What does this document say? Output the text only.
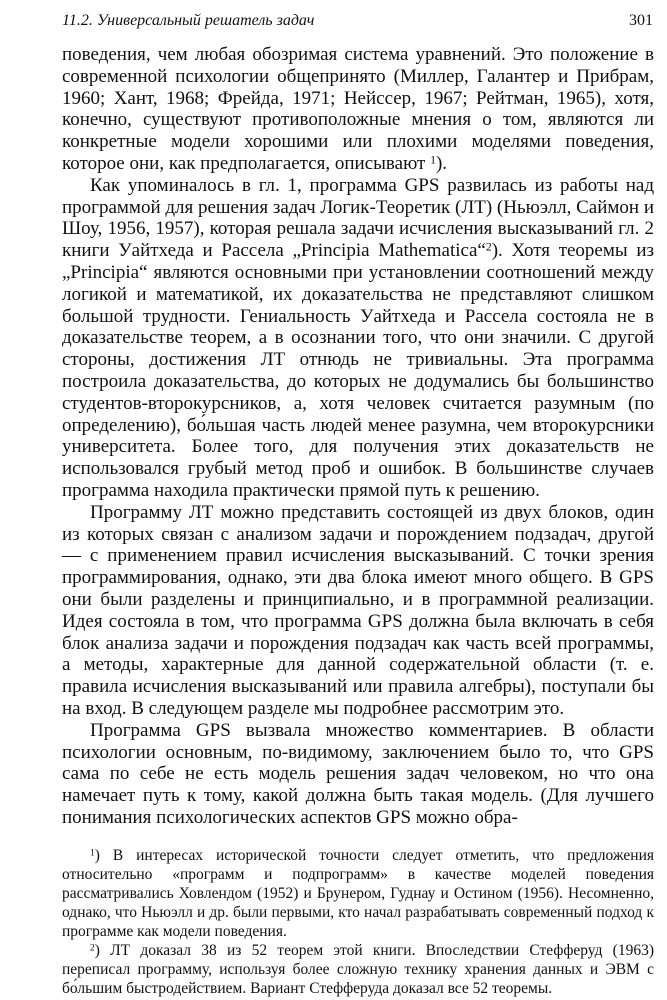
11.2. Универсальный решатель задач	301

поведения, чем любая обозримая система уравнений. Это положение в современной психологии общепринято (Миллер, Галантер и Прибрам, 1960; Хант, 1968; Фрейда, 1971; Нейссер, 1967; Рейтман, 1965), хотя, конечно, существуют противоположные мнения о том, являются ли конкретные модели хорошими или плохими моделями поведения, которое они, как предполагается, описывают $^1$).

Как упоминалось в гл. 1, программа GPS развилась из работы над программой для решения задач Логик-Теоретик (ЛТ) (Ньюэлл, Саймон и Шоу, 1956, 1957), которая решала задачи исчисления высказываний гл. 2 книги Уайтхеда и Рассела „Principia Mathematica“$^2$). Хотя теоремы из „Principia“ являются основными при установлении соотношений между логикой и математикой, их доказательства не представляют слишком большой трудности. Гениальность Уайтхеда и Рассела состояла не в доказательстве теорем, а в осознании того, что они значили. С другой стороны, достижения ЛТ отнюдь не тривиальны. Эта программа построила доказательства, до которых не додумались бы большинство студентов-второкурсников, а, хотя человек считается разумным (по определению), бо́льшая часть людей менее разумна, чем второкурсники университета. Более того, для получения этих доказательств не использовался грубый метод проб и ошибок. В большинстве случаев программа находила практически прямой путь к решению.

Программу ЛТ можно представить состоящей из двух блоков, один из которых связан с анализом задачи и порождением подзадач, другой — с применением правил исчисления высказываний. С точки зрения программирования, однако, эти два блока имеют много общего. В GPS они были разделены и принципиально, и в программной реализации. Идея состояла в том, что программа GPS должна была включать в себя блок анализа задачи и порождения подзадач как часть всей программы, а методы, характерные для данной содержательной области (т. е. правила исчисления высказываний или правила алгебры), поступали бы на вход. В следующем разделе мы подробнее рассмотрим это.

Программа GPS вызвала множество комментариев. В области психологии основным, по-видимому, заключением было то, что GPS сама по себе не есть модель решения задач человеком, но что она намечает путь к тому, какой должна быть такая модель. (Для лучшего понимания психологических аспектов GPS можно обра-

$^1$) В интересах исторической точности следует отметить, что предложения относительно «программ и подпрограмм» в качестве моделей поведения рассматривались Ховлендом (1952) и Брунером, Гуднау и Остином (1956). Несомненно, однако, что Ньюэлл и др. были первыми, кто начал разрабатывать современный подход к программе как модели поведения.

$^2$) ЛТ доказал 38 из 52 теорем этой книги. Впоследствии Стефферуд (1963) переписал программу, используя более сложную технику хранения данных и ЭВМ с бо́льшим быстродействием. Вариант Стефферуда доказал все 52 теоремы.
